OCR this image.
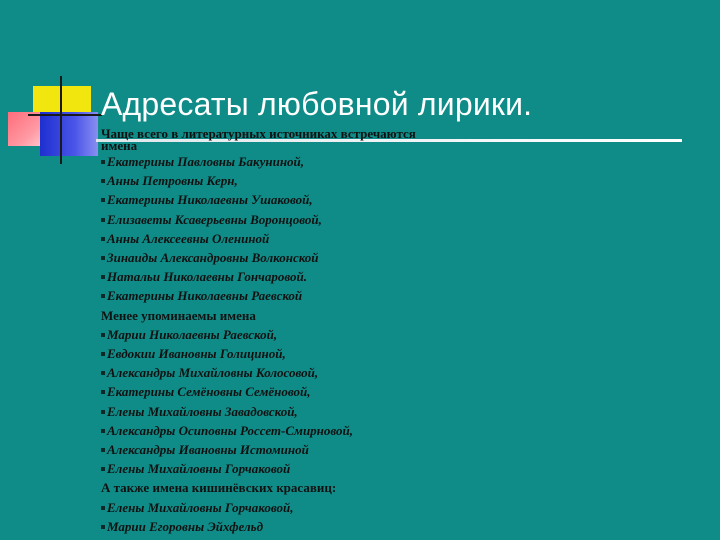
Адресаты любовной лирики.
Чаще всего в литературных источниках встречаются
имена
Екатерины Павловны Бакуниной,
Анны Петровны Керн,
Екатерины Николаевны Ушаковой,
Елизаветы Ксаверьевны Воронцовой,
Анны Алексеевны Олениной
Зинаиды Александровны Волконской
Натальи Николаевны Гончаровой.
Екатерины Николаевны Раевской
Менее упоминаемы имена
Марии Николаевны Раевской,
Евдокии Ивановны Голициной,
Александры Михайловны Колосовой,
Екатерины Семёновны Семёновой,
Елены Михайловны Завадовской,
Александры Осиповны Россет-Смирновой,
Александры Ивановны Истоминой
Елены Михайловны Горчаковой
А также имена кишинёвских красавиц:
Елены Михайловны Горчаковой,
Марии Егоровны Эйхфельд
